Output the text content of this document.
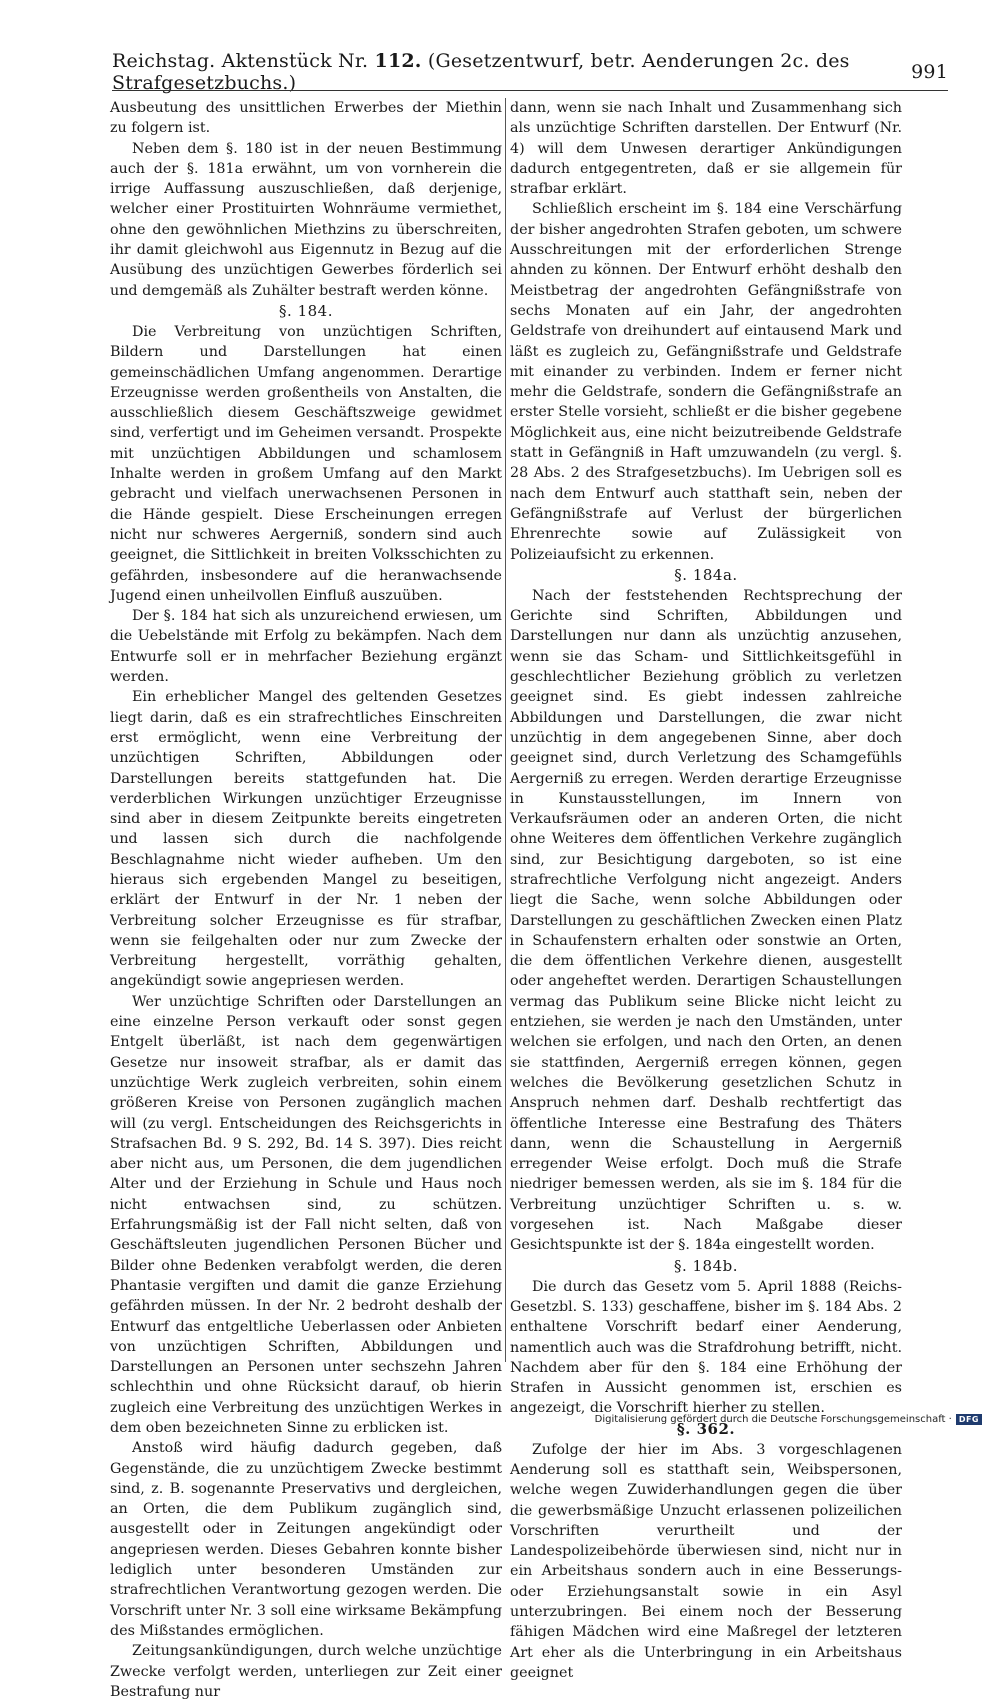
Reichstag. Aktenstück Nr. 112. (Gesetzentwurf, betr. Aenderungen 2c. des Strafgesetzbuchs.)	991

Ausbeutung des unsittlichen Erwerbes der Miethin zu folgern ist.

Neben dem §. 180 ist in der neuen Bestimmung auch der §. 181a erwähnt, um von vornherein die irrige Auffassung auszuschließen, daß derjenige, welcher einer Prostituirten Wohnräume vermiethet, ohne den gewöhnlichen Miethzins zu überschreiten, ihr damit gleichwohl aus Eigennutz in Bezug auf die Ausübung des unzüchtigen Gewerbes förderlich sei und demgemäß als Zuhälter bestraft werden könne.

§. 184.

Die Verbreitung von unzüchtigen Schriften, Bildern und Darstellungen hat einen gemeinschädlichen Umfang angenommen. Derartige Erzeugnisse werden großentheils von Anstalten, die ausschließlich diesem Geschäftszweige gewidmet sind, verfertigt und im Geheimen versandt. Prospekte mit unzüchtigen Abbildungen und schamlosem Inhalte werden in großem Umfang auf den Markt gebracht und vielfach unerwachsenen Personen in die Hände gespielt. Diese Erscheinungen erregen nicht nur schweres Aergerniß, sondern sind auch geeignet, die Sittlichkeit in breiten Volksschichten zu gefährden, insbesondere auf die heranwachsende Jugend einen unheilvollen Einfluß auszuüben.

Der §. 184 hat sich als unzureichend erwiesen, um die Uebelstände mit Erfolg zu bekämpfen. Nach dem Entwurfe soll er in mehrfacher Beziehung ergänzt werden.

Ein erheblicher Mangel des geltenden Gesetzes liegt darin, daß es ein strafrechtliches Einschreiten erst ermöglicht, wenn eine Verbreitung der unzüchtigen Schriften, Abbildungen oder Darstellungen bereits stattgefunden hat. Die verderblichen Wirkungen unzüchtiger Erzeugnisse sind aber in diesem Zeitpunkte bereits eingetreten und lassen sich durch die nachfolgende Beschlagnahme nicht wieder aufheben. Um den hieraus sich ergebenden Mangel zu beseitigen, erklärt der Entwurf in der Nr. 1 neben der Verbreitung solcher Erzeugnisse es für strafbar, wenn sie feilgehalten oder nur zum Zwecke der Verbreitung hergestellt, vorräthig gehalten, angekündigt sowie angepriesen werden.

Wer unzüchtige Schriften oder Darstellungen an eine einzelne Person verkauft oder sonst gegen Entgelt überläßt, ist nach dem gegenwärtigen Gesetze nur insoweit strafbar, als er damit das unzüchtige Werk zugleich verbreiten, sohin einem größeren Kreise von Personen zugänglich machen will (zu vergl. Entscheidungen des Reichsgerichts in Strafsachen Bd. 9 S. 292, Bd. 14 S. 397). Dies reicht aber nicht aus, um Personen, die dem jugendlichen Alter und der Erziehung in Schule und Haus noch nicht entwachsen sind, zu schützen. Erfahrungsmäßig ist der Fall nicht selten, daß von Geschäftsleuten jugendlichen Personen Bücher und Bilder ohne Bedenken verabfolgt werden, die deren Phantasie vergiften und damit die ganze Erziehung gefährden müssen. In der Nr. 2 bedroht deshalb der Entwurf das entgeltliche Ueberlassen oder Anbieten von unzüchtigen Schriften, Abbildungen und Darstellungen an Personen unter sechszehn Jahren schlechthin und ohne Rücksicht darauf, ob hierin zugleich eine Verbreitung des unzüchtigen Werkes in dem oben bezeichneten Sinne zu erblicken ist.

Anstoß wird häufig dadurch gegeben, daß Gegenstände, die zu unzüchtigem Zwecke bestimmt sind, z. B. sogenannte Preservativs und dergleichen, an Orten, die dem Publikum zugänglich sind, ausgestellt oder in Zeitungen angekündigt oder angepriesen werden. Dieses Gebahren konnte bisher lediglich unter besonderen Umständen zur strafrechtlichen Verantwortung gezogen werden. Die Vorschrift unter Nr. 3 soll eine wirksame Bekämpfung des Mißstandes ermöglichen.

Zeitungsankündigungen, durch welche unzüchtige Zwecke verfolgt werden, unterliegen zur Zeit einer Bestrafung nur

dann, wenn sie nach Inhalt und Zusammenhang sich als unzüchtige Schriften darstellen. Der Entwurf (Nr. 4) will dem Unwesen derartiger Ankündigungen dadurch entgegentreten, daß er sie allgemein für strafbar erklärt.

Schließlich erscheint im §. 184 eine Verschärfung der bisher angedrohten Strafen geboten, um schwere Ausschreitungen mit der erforderlichen Strenge ahnden zu können. Der Entwurf erhöht deshalb den Meistbetrag der angedrohten Gefängnißstrafe von sechs Monaten auf ein Jahr, der angedrohten Geldstrafe von dreihundert auf eintausend Mark und läßt es zugleich zu, Gefängnißstrafe und Geldstrafe mit einander zu verbinden. Indem er ferner nicht mehr die Geldstrafe, sondern die Gefängnißstrafe an erster Stelle vorsieht, schließt er die bisher gegebene Möglichkeit aus, eine nicht beizutreibende Geldstrafe statt in Gefängniß in Haft umzuwandeln (zu vergl. §. 28 Abs. 2 des Strafgesetzbuchs). Im Uebrigen soll es nach dem Entwurf auch statthaft sein, neben der Gefängnißstrafe auf Verlust der bürgerlichen Ehrenrechte sowie auf Zulässigkeit von Polizeiaufsicht zu erkennen.

§. 184a.

Nach der feststehenden Rechtsprechung der Gerichte sind Schriften, Abbildungen und Darstellungen nur dann als unzüchtig anzusehen, wenn sie das Scham- und Sittlichkeitsgefühl in geschlechtlicher Beziehung gröblich zu verletzen geeignet sind. Es giebt indessen zahlreiche Abbildungen und Darstellungen, die zwar nicht unzüchtig in dem angegebenen Sinne, aber doch geeignet sind, durch Verletzung des Schamgefühls Aergerniß zu erregen. Werden derartige Erzeugnisse in Kunstausstellungen, im Innern von Verkaufsräumen oder an anderen Orten, die nicht ohne Weiteres dem öffentlichen Verkehre zugänglich sind, zur Besichtigung dargeboten, so ist eine strafrechtliche Verfolgung nicht angezeigt. Anders liegt die Sache, wenn solche Abbildungen oder Darstellungen zu geschäftlichen Zwecken einen Platz in Schaufenstern erhalten oder sonstwie an Orten, die dem öffentlichen Verkehre dienen, ausgestellt oder angeheftet werden. Derartigen Schaustellungen vermag das Publikum seine Blicke nicht leicht zu entziehen, sie werden je nach den Umständen, unter welchen sie erfolgen, und nach den Orten, an denen sie stattfinden, Aergerniß erregen können, gegen welches die Bevölkerung gesetzlichen Schutz in Anspruch nehmen darf. Deshalb rechtfertigt das öffentliche Interesse eine Bestrafung des Thäters dann, wenn die Schaustellung in Aergerniß erregender Weise erfolgt. Doch muß die Strafe niedriger bemessen werden, als sie im §. 184 für die Verbreitung unzüchtiger Schriften u. s. w. vorgesehen ist. Nach Maßgabe dieser Gesichtspunkte ist der §. 184a eingestellt worden.

§. 184b.

Die durch das Gesetz vom 5. April 1888 (Reichs-Gesetzbl. S. 133) geschaffene, bisher im §. 184 Abs. 2 enthaltene Vorschrift bedarf einer Aenderung, namentlich auch was die Strafdrohung betrifft, nicht. Nachdem aber für den §. 184 eine Erhöhung der Strafen in Aussicht genommen ist, erschien es angezeigt, die Vorschrift hierher zu stellen.

§. 362.

Zufolge der hier im Abs. 3 vorgeschlagenen Aenderung soll es statthaft sein, Weibspersonen, welche wegen Zuwiderhandlungen gegen die über die gewerbsmäßige Unzucht erlassenen polizeilichen Vorschriften verurtheilt und der Landespolizeibehörde überwiesen sind, nicht nur in ein Arbeitshaus sondern auch in eine Besserungs- oder Erziehungsanstalt sowie in ein Asyl unterzubringen. Bei einem noch der Besserung fähigen Mädchen wird eine Maßregel der letzteren Art eher als die Unterbringung in ein Arbeitshaus geeignet

Digitalisierung gefördert durch die Deutsche Forschungsgemeinschaft · DFG
